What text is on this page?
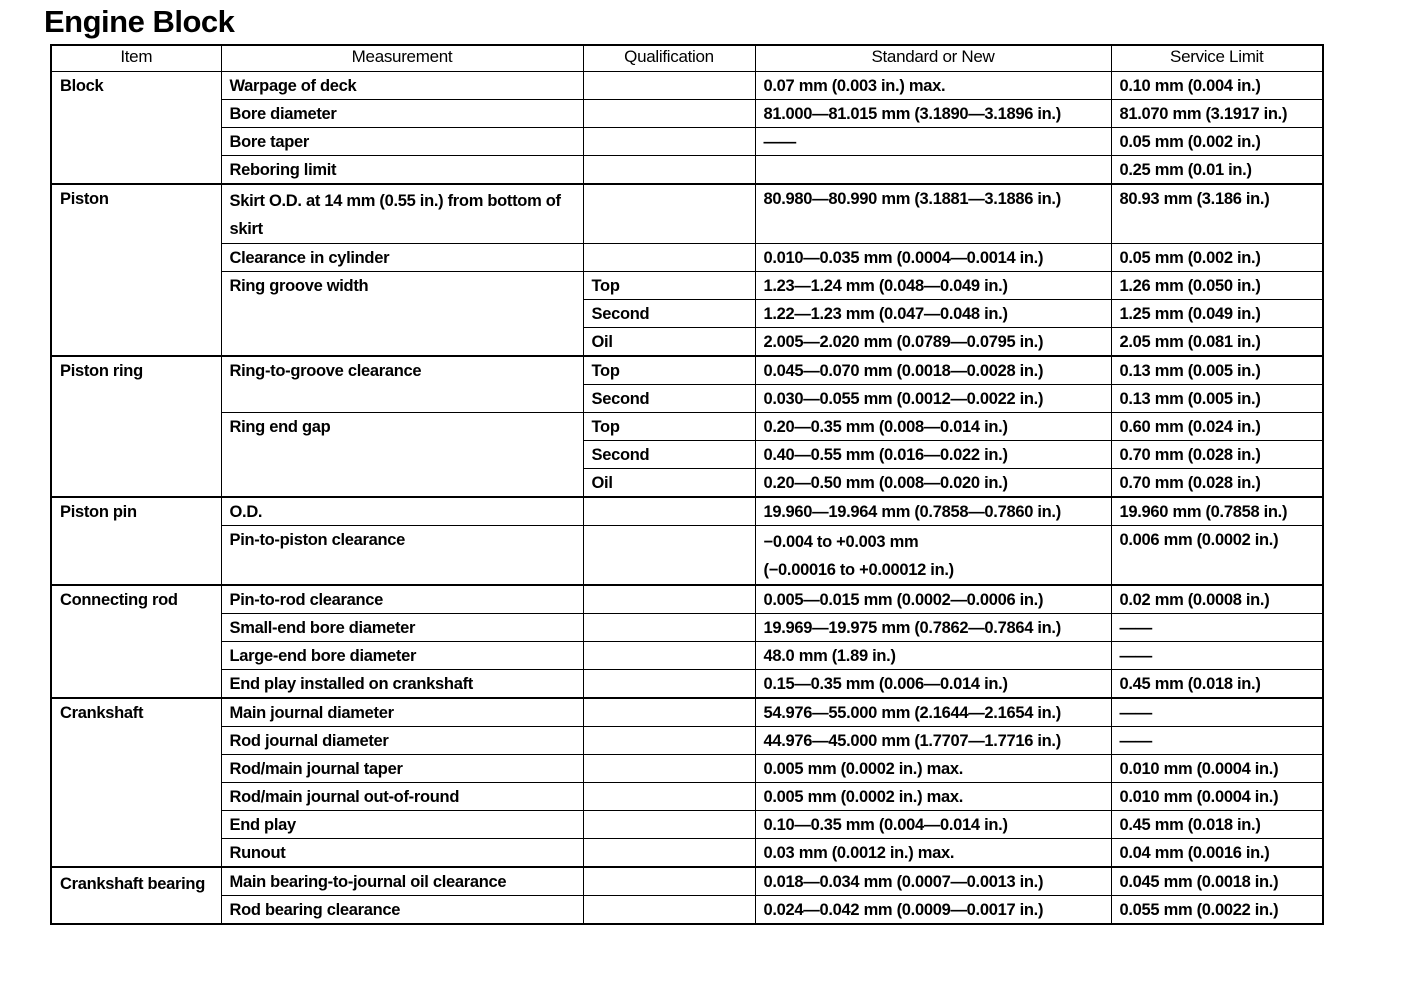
Engine Block
Item	Measurement	Qualification	Standard or New	Service Limit
Block	Warpage of deck		0.07 mm (0.003 in.) max.	0.10 mm (0.004 in.)
	Bore diameter		81.000—81.015 mm (3.1890—3.1896 in.)	81.070 mm (3.1917 in.)
	Bore taper		——	0.05 mm (0.002 in.)
	Reboring limit			0.25 mm (0.01 in.)
Piston	Skirt O.D. at 14 mm (0.55 in.) from bottom of skirt		80.980—80.990 mm (3.1881—3.1886 in.)	80.93 mm (3.186 in.)
	Clearance in cylinder		0.010—0.035 mm (0.0004—0.0014 in.)	0.05 mm (0.002 in.)
	Ring groove width	Top	1.23—1.24 mm (0.048—0.049 in.)	1.26 mm (0.050 in.)
		Second	1.22—1.23 mm (0.047—0.048 in.)	1.25 mm (0.049 in.)
		Oil	2.005—2.020 mm (0.0789—0.0795 in.)	2.05 mm (0.081 in.)
Piston ring	Ring-to-groove clearance	Top	0.045—0.070 mm (0.0018—0.0028 in.)	0.13 mm (0.005 in.)
		Second	0.030—0.055 mm (0.0012—0.0022 in.)	0.13 mm (0.005 in.)
	Ring end gap	Top	0.20—0.35 mm (0.008—0.014 in.)	0.60 mm (0.024 in.)
		Second	0.40—0.55 mm (0.016—0.022 in.)	0.70 mm (0.028 in.)
		Oil	0.20—0.50 mm (0.008—0.020 in.)	0.70 mm (0.028 in.)
Piston pin	O.D.		19.960—19.964 mm (0.7858—0.7860 in.)	19.960 mm (0.7858 in.)
	Pin-to-piston clearance		−0.004 to +0.003 mm
(−0.00016 to +0.00012 in.)	0.006 mm (0.0002 in.)
Connecting rod	Pin-to-rod clearance		0.005—0.015 mm (0.0002—0.0006 in.)	0.02 mm (0.0008 in.)
	Small-end bore diameter		19.969—19.975 mm (0.7862—0.7864 in.)	——
	Large-end bore diameter		48.0 mm (1.89 in.)	——
	End play installed on crankshaft		0.15—0.35 mm (0.006—0.014 in.)	0.45 mm (0.018 in.)
Crankshaft	Main journal diameter		54.976—55.000 mm (2.1644—2.1654 in.)	——
	Rod journal diameter		44.976—45.000 mm (1.7707—1.7716 in.)	——
	Rod/main journal taper		0.005 mm (0.0002 in.) max.	0.010 mm (0.0004 in.)
	Rod/main journal out-of-round		0.005 mm (0.0002 in.) max.	0.010 mm (0.0004 in.)
	End play		0.10—0.35 mm (0.004—0.014 in.)	0.45 mm (0.018 in.)
	Runout		0.03 mm (0.0012 in.) max.	0.04 mm (0.0016 in.)
Crankshaft bearing	Main bearing-to-journal oil clearance		0.018—0.034 mm (0.0007—0.0013 in.)	0.045 mm (0.0018 in.)
	Rod bearing clearance		0.024—0.042 mm (0.0009—0.0017 in.)	0.055 mm (0.0022 in.)
